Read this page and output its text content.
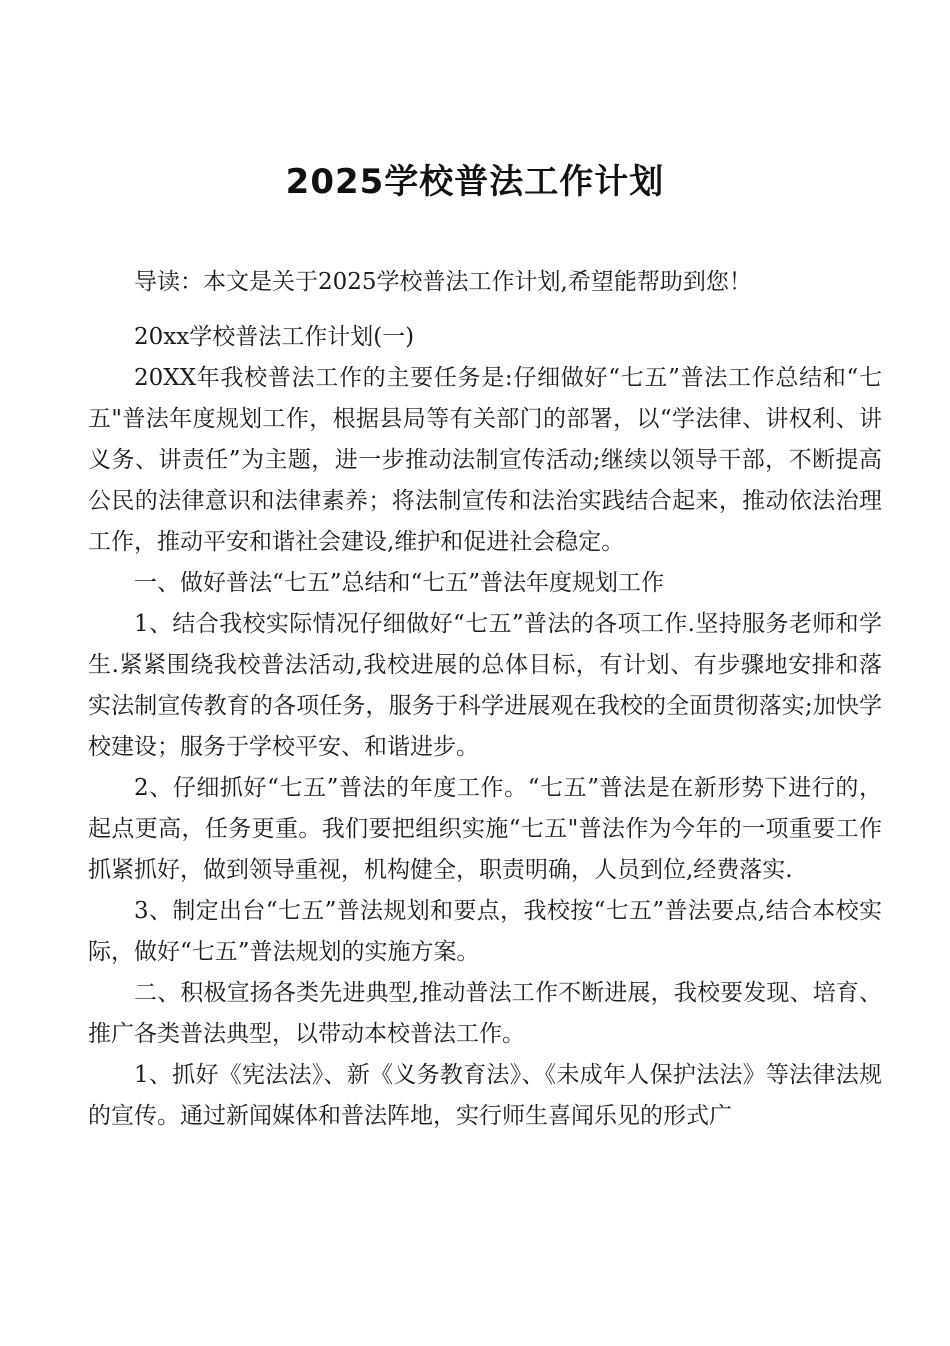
2025学校普法工作计划

导读：本文是关于2025学校普法工作计划,希望能帮助到您！

20xx学校普法工作计划(一)

20XX年我校普法工作的主要任务是:仔细做好“七五”普法工作总结和“七五"普法年度规划工作，根据县局等有关部门的部署，以“学法律、讲权利、讲义务、讲责任”为主题，进一步推动法制宣传活动;继续以领导干部，不断提高公民的法律意识和法律素养；将法制宣传和法治实践结合起来，推动依法治理工作，推动平安和谐社会建设,维护和促进社会稳定。

一、做好普法“七五”总结和“七五”普法年度规划工作

1、结合我校实际情况仔细做好“七五”普法的各项工作.坚持服务老师和学生.紧紧围绕我校普法活动,我校进展的总体目标，有计划、有步骤地安排和落实法制宣传教育的各项任务，服务于科学进展观在我校的全面贯彻落实;加快学校建设；服务于学校平安、和谐进步。

2、仔细抓好“七五”普法的年度工作。“七五”普法是在新形势下进行的，起点更高，任务更重。我们要把组织实施“七五"普法作为今年的一项重要工作抓紧抓好，做到领导重视，机构健全，职责明确，人员到位,经费落实.

3、制定出台“七五”普法规划和要点，我校按“七五”普法要点,结合本校实际，做好“七五”普法规划的实施方案。

二、积极宣扬各类先进典型,推动普法工作不断进展，我校要发现、培育、推广各类普法典型，以带动本校普法工作。

1、抓好《宪法法》、新《义务教育法》、《未成年人保护法法》等法律法规的宣传。通过新闻媒体和普法阵地，实行师生喜闻乐见的形式广
